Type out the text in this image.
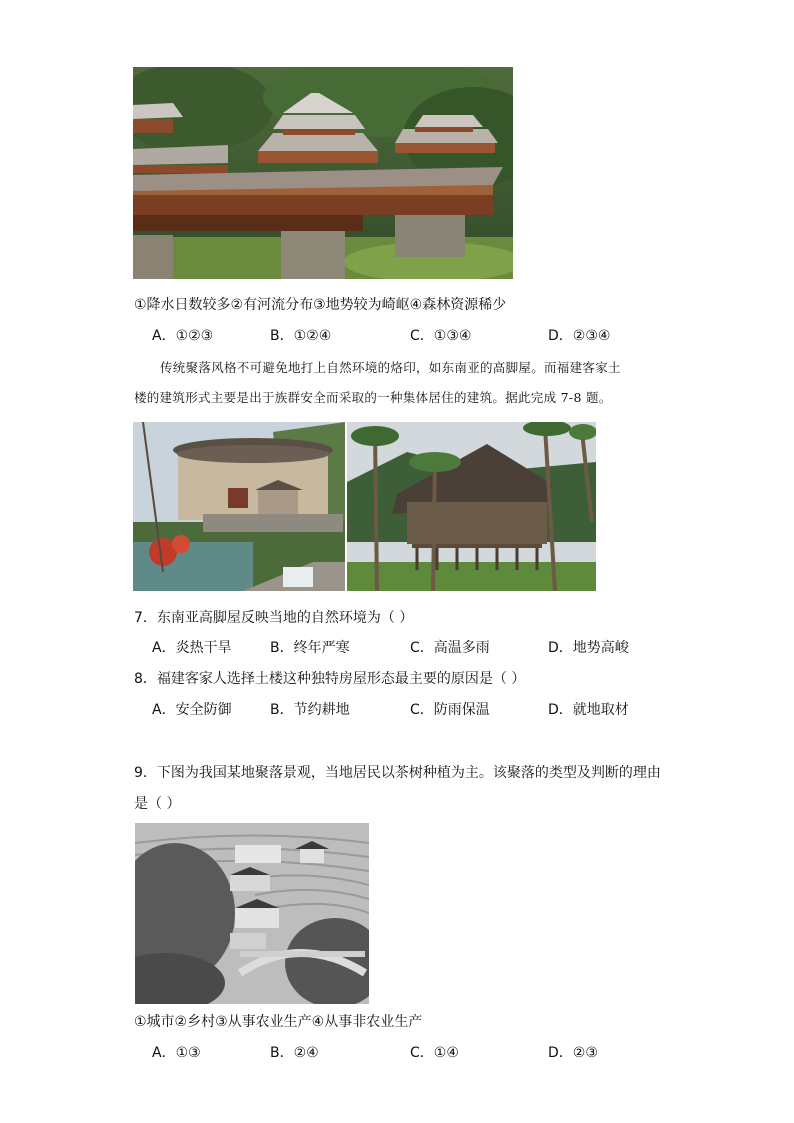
①降水日数较多②有河流分布③地势较为崎岖④森林资源稀少
A．①②③	B．①②④	C．①③④	D．②③④
传统聚落风格不可避免地打上自然环境的烙印，如东南亚的高脚屋。而福建客家土
楼的建筑形式主要是出于族群安全而采取的一种集体居住的建筑。据此完成 7-8 题。
7．东南亚高脚屋反映当地的自然环境为（ ）
A．炎热干旱	B．终年严寒	C．高温多雨	D．地势高峻
8．福建客家人选择土楼这种独特房屋形态最主要的原因是（ ）
A．安全防御	B．节约耕地	C．防雨保温	D．就地取材
9．下图为我国某地聚落景观，当地居民以茶树种植为主。该聚落的类型及判断的理由
是（ ）
①城市②乡村③从事农业生产④从事非农业生产
A．①③	B．②④	C．①④	D．②③
